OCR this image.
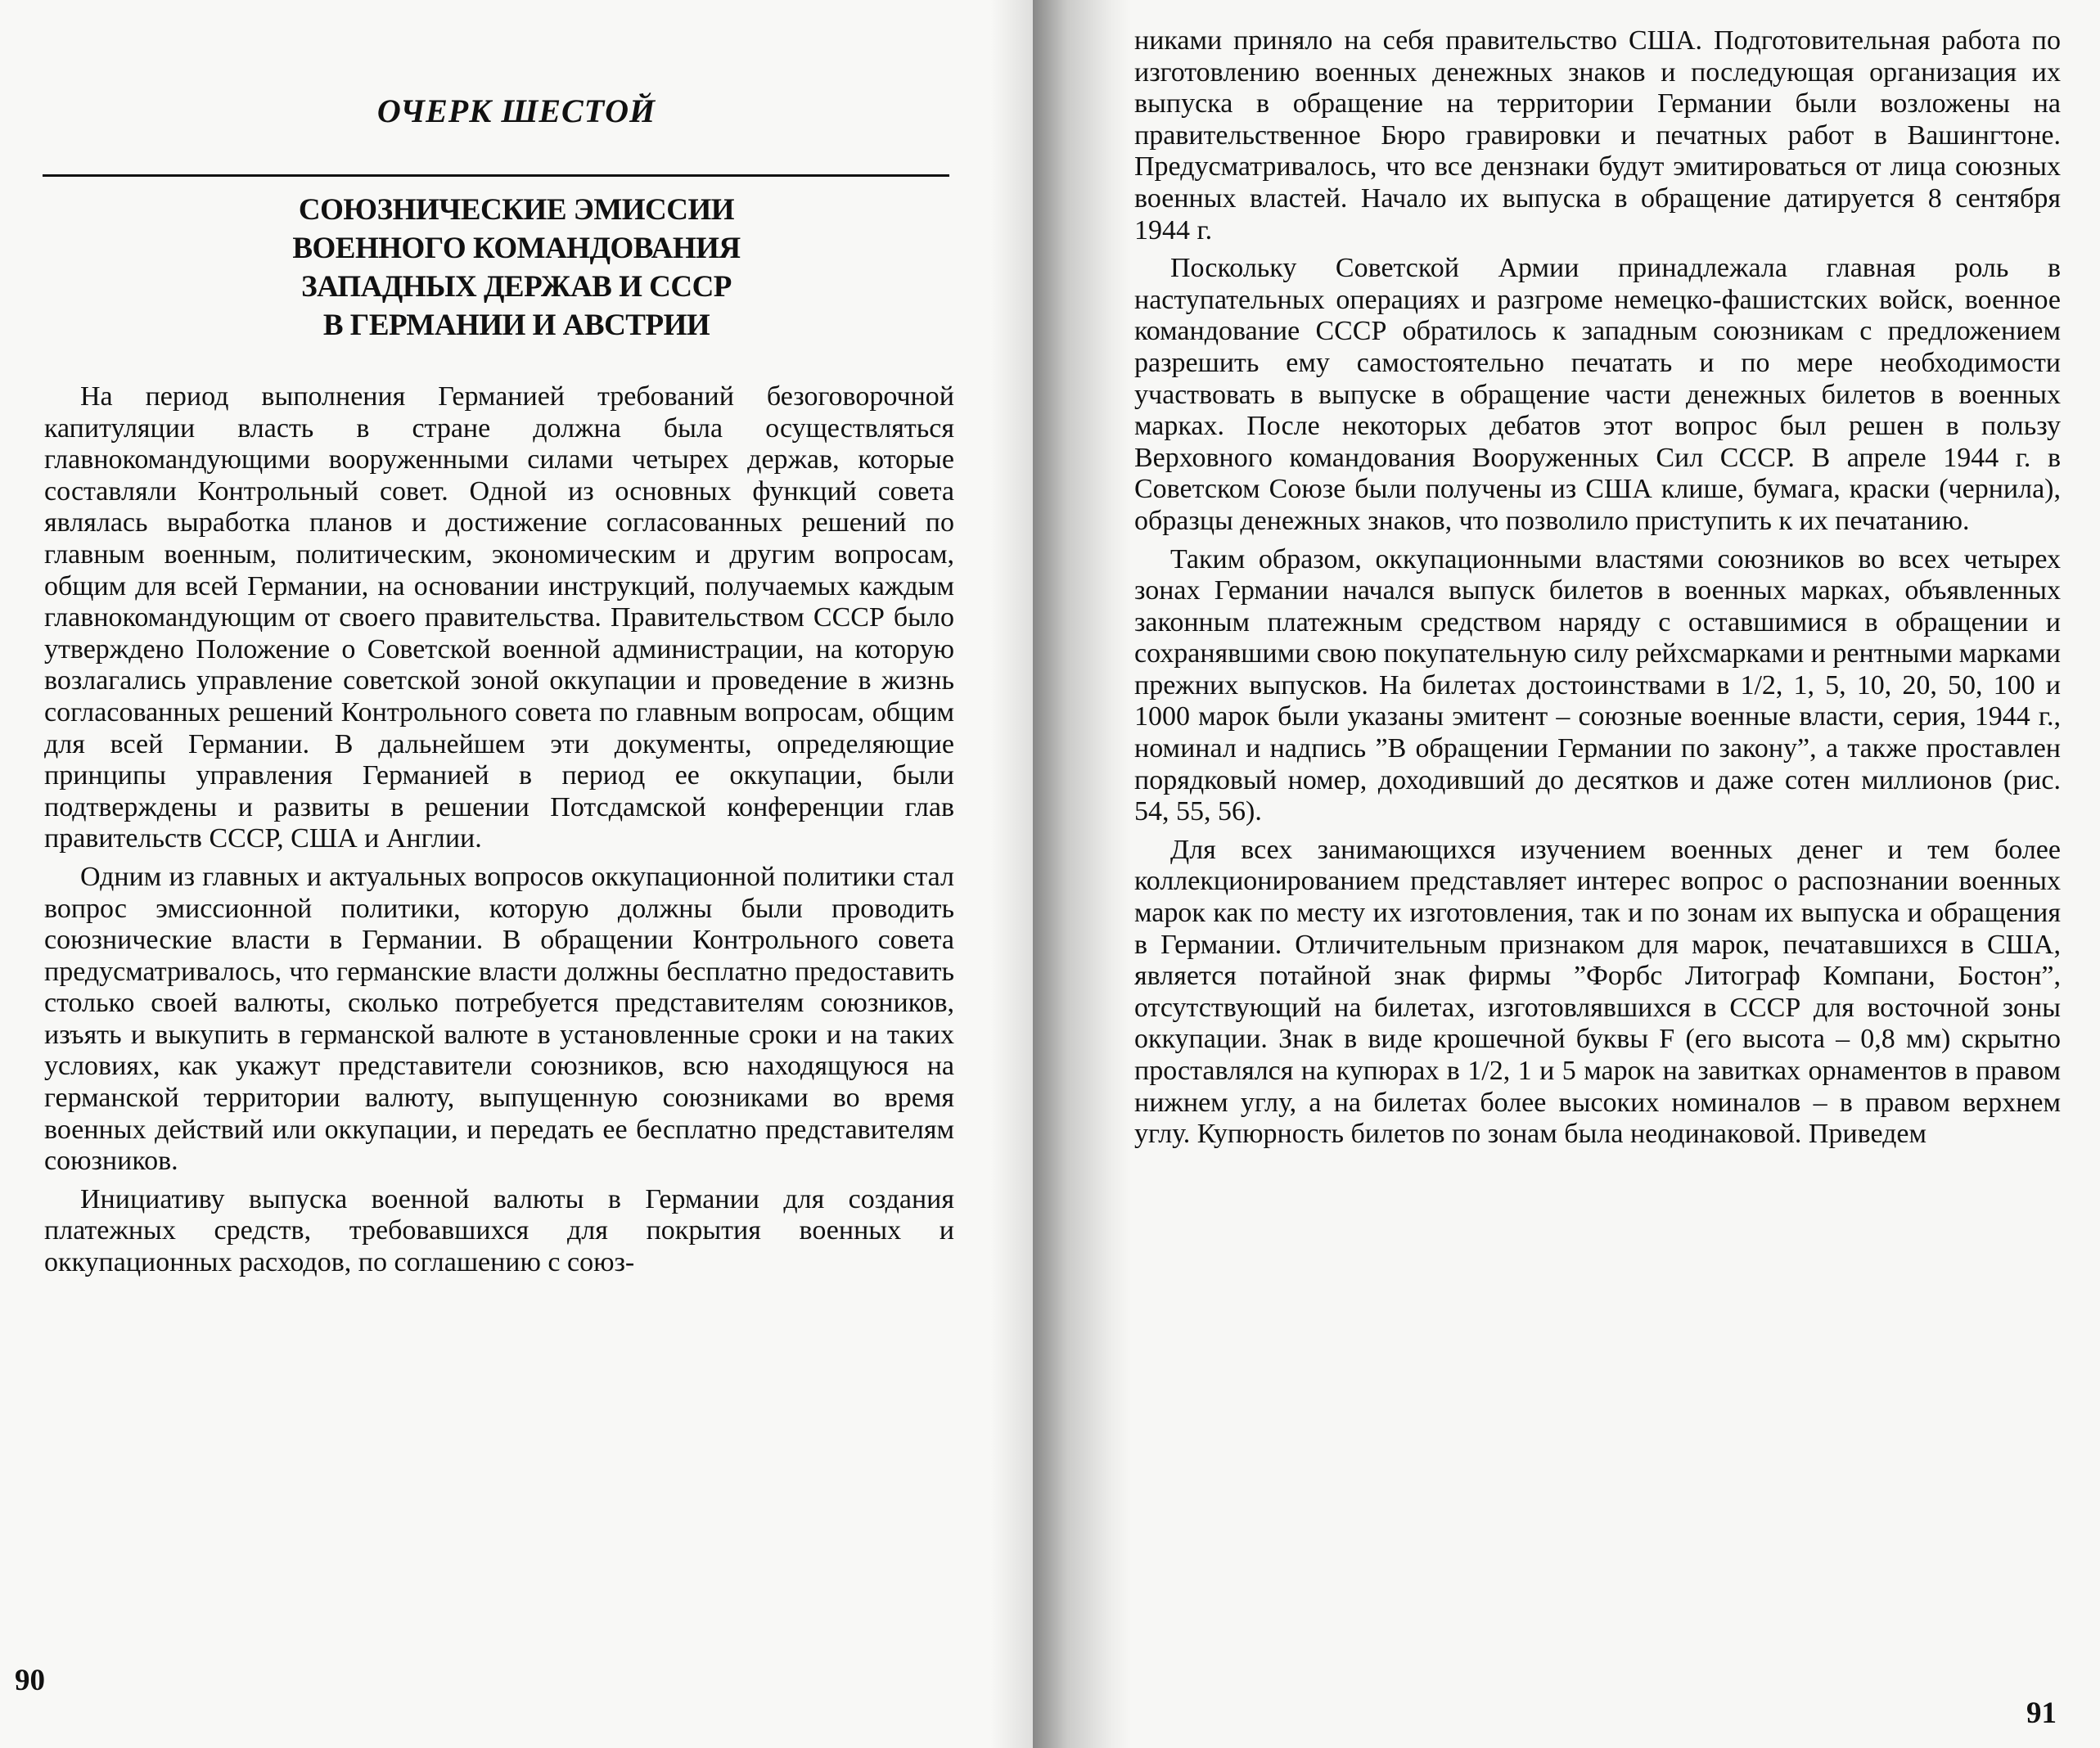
ОЧЕРК ШЕСТОЙ
СОЮЗНИЧЕСКИЕ ЭМИССИИ
ВОЕННОГО КОМАНДОВАНИЯ
ЗАПАДНЫХ ДЕРЖАВ И СССР
В ГЕРМАНИИ И АВСТРИИ

На период выполнения Германией требований безоговорочной капитуляции власть в стране должна была осуществляться главнокомандующими вооруженными силами четырех держав, которые составляли Контрольный совет. Одной из основных функций совета являлась выработка планов и достижение согласованных решений по главным военным, политическим, экономическим и другим вопросам, общим для всей Германии, на основании инструкций, получаемых каждым главнокомандующим от своего правительства. Правительством СССР было утверждено Положение о Советской военной администрации, на которую возлагались управление советской зоной оккупации и проведение в жизнь согласованных решений Контрольного совета по главным вопросам, общим для всей Германии. В дальнейшем эти документы, определяющие принципы управления Германией в период ее оккупации, были подтверждены и развиты в решении Потсдамской конференции глав правительств СССР, США и Англии.

Одним из главных и актуальных вопросов оккупационной политики стал вопрос эмиссионной политики, которую должны были проводить союзнические власти в Германии. В обращении Контрольного совета предусматривалось, что германские власти должны бесплатно предоставить столько своей валюты, сколько потребуется представителям союзников, изъять и выкупить в германской валюте в установленные сроки и на таких условиях, как укажут представители союзников, всю находящуюся на германской территории валюту, выпущенную союзниками во время военных действий или оккупации, и передать ее бесплатно представителям союзников.

Инициативу выпуска военной валюты в Германии для создания платежных средств, требовавшихся для покрытия военных и оккупационных расходов, по соглашению с союз-

90

никами приняло на себя правительство США. Подготовительная работа по изготовлению военных денежных знаков и последующая организация их выпуска в обращение на территории Германии были возложены на правительственное Бюро гравировки и печатных работ в Вашингтоне. Предусматривалось, что все дензнаки будут эмитироваться от лица союзных военных властей. Начало их выпуска в обращение датируется 8 сентября 1944 г.

Поскольку Советской Армии принадлежала главная роль в наступательных операциях и разгроме немецко-фашистских войск, военное командование СССР обратилось к западным союзникам с предложением разрешить ему самостоятельно печатать и по мере необходимости участвовать в выпуске в обращение части денежных билетов в военных марках. После некоторых дебатов этот вопрос был решен в пользу Верховного командования Вооруженных Сил СССР. В апреле 1944 г. в Советском Союзе были получены из США клише, бумага, краски (чернила), образцы денежных знаков, что позволило приступить к их печатанию.

Таким образом, оккупационными властями союзников во всех четырех зонах Германии начался выпуск билетов в военных марках, объявленных законным платежным средством наряду с оставшимися в обращении и сохранявшими свою покупательную силу рейхсмарками и рентными марками прежних выпусков. На билетах достоинствами в 1/2, 1, 5, 10, 20, 50, 100 и 1000 марок были указаны эмитент – союзные военные власти, серия, 1944 г., номинал и надпись ”В обращении Германии по закону”, а также проставлен порядковый номер, доходивший до десятков и даже сотен миллионов (рис. 54, 55, 56).

Для всех занимающихся изучением военных денег и тем более коллекционированием представляет интерес вопрос о распознании военных марок как по месту их изготовления, так и по зонам их выпуска и обращения в Германии. Отличительным признаком для марок, печатавшихся в США, является потайной знак фирмы ”Форбс Литограф Компани, Бостон”, отсутствующий на билетах, изготовлявшихся в СССР для восточной зоны оккупации. Знак в виде крошечной буквы F (его высота – 0,8 мм) скрытно проставлялся на купюрах в 1/2, 1 и 5 марок на завитках орнаментов в правом нижнем углу, а на билетах более высоких номиналов – в правом верхнем углу. Купюрность билетов по зонам была неодинаковой. Приведем

91
